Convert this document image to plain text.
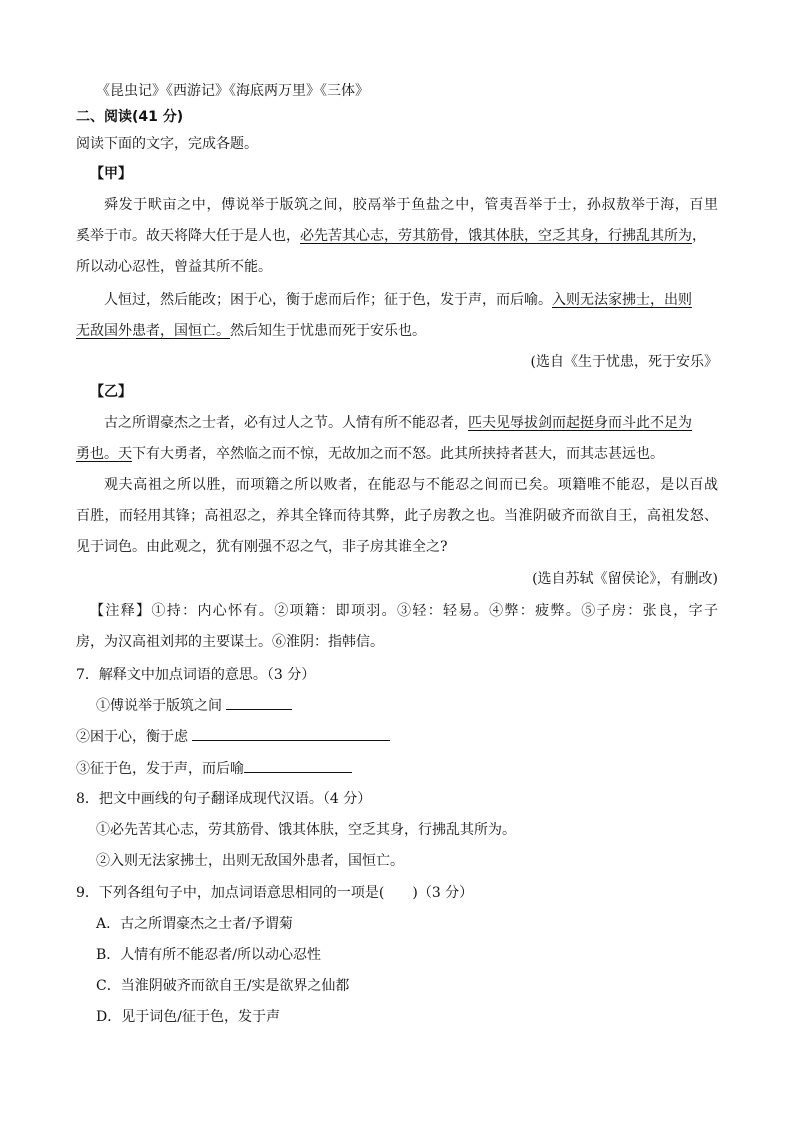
《昆虫记》《西游记》《海底两万里》《三体》
二、阅读(41 分)
阅读下面的文字，完成各题。
【甲】
舜发于畎亩之中，傅说举于版筑之间，胶鬲举于鱼盐之中，管夷吾举于士，孙叔敖举于海，百里
奚举于市。故天将降大任于是人也，必先苦其心志，劳其筋骨，饿其体肤，空乏其身，行拂乱其所为，
所以动心忍性，曾益其所不能。
人恒过，然后能改；困于心，衡于虑而后作；征于色，发于声，而后喻。入则无法家拂士，出则
无敌国外患者，国恒亡。然后知生于忧患而死于安乐也。
(选自《生于忧患，死于安乐》
【乙】
古之所谓豪杰之士者，必有过人之节。人情有所不能忍者，匹夫见辱拔剑而起挺身而斗此不足为
勇也。天下有大勇者，卒然临之而不惊，无故加之而不怒。此其所挟持者甚大，而其志甚远也。
观夫高祖之所以胜，而项籍之所以败者，在能忍与不能忍之间而已矣。项籍唯不能忍，是以百战
百胜，而轻用其锋；高祖忍之，养其全锋而待其弊，此子房教之也。当淮阴破齐而欲自王，高祖发怒、
见于词色。由此观之，犹有刚强不忍之气，非子房其谁全之?
(选自苏轼《留侯论》，有删改)
【注释】①持：内心怀有。②项籍：即项羽。③轻：轻易。④弊：疲弊。⑤子房：张良，字子
房，为汉高祖刘邦的主要谋士。⑥淮阴：指韩信。
7．解释文中加点词语的意思。（3 分）
①傅说举于版筑之间
②困于心，衡于虑
③征于色，发于声，而后喻
8．把文中画线的句子翻译成现代汉语。（4 分）
①必先苦其心志，劳其筋骨、饿其体肤，空乏其身，行拂乱其所为。
②入则无法家拂士，出则无敌国外患者，国恒亡。
9．下列各组句子中，加点词语意思相同的一项是(　　)（3 分）
A．古之所谓豪杰之士者/予谓菊
B．人情有所不能忍者/所以动心忍性
C．当淮阴破齐而欲自王/实是欲界之仙都
D．见于词色/征于色，发于声
